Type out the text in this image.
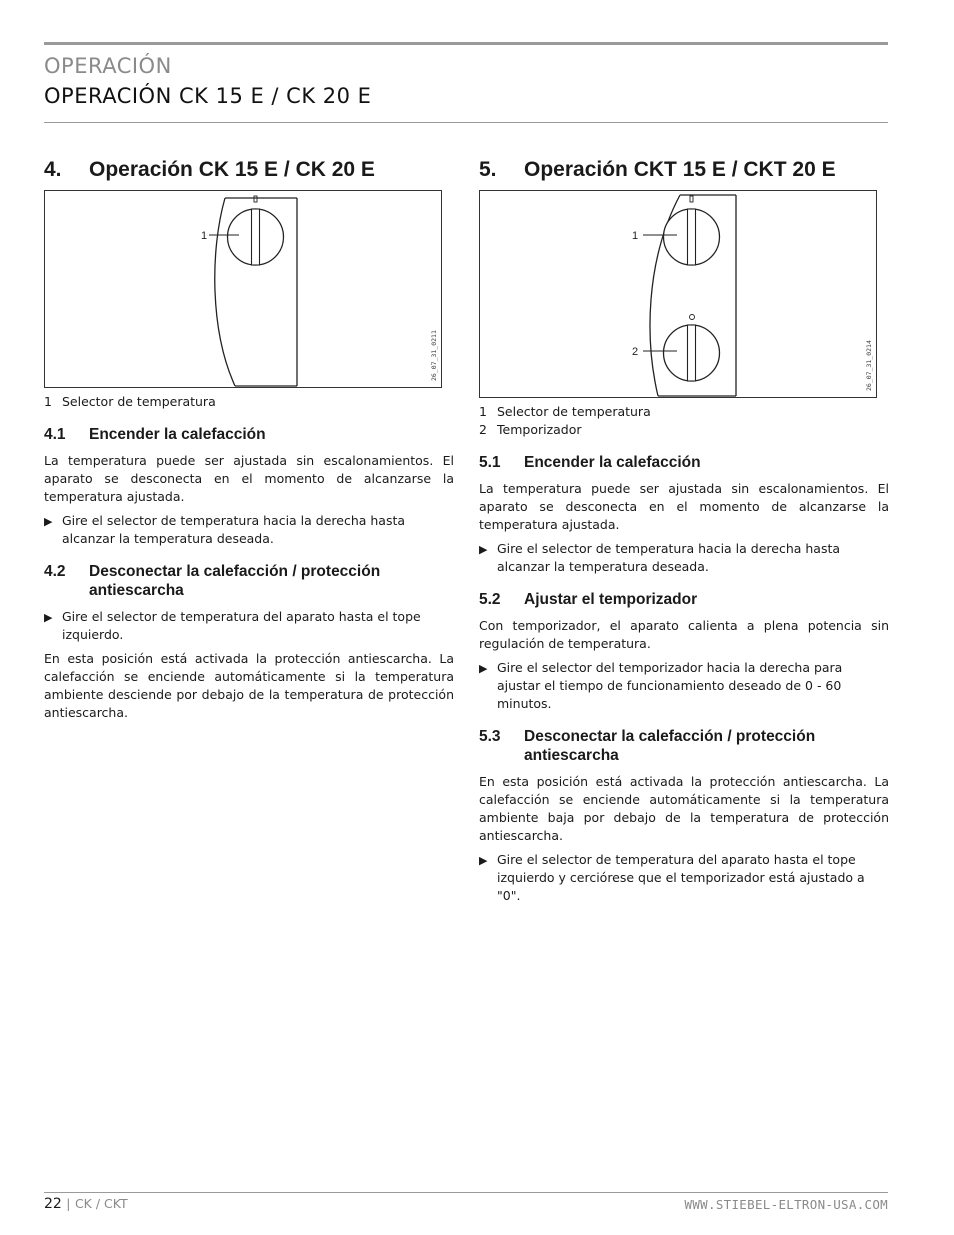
OPERACIÓN
OPERACIÓN CK 15 E / CK 20 E
4.	Operación CK 15 E / CK 20 E
1
26_07_31_0211
1 Selector de temperatura
4.1	Encender la calefacción

La temperatura puede ser ajustada sin escalonamientos. El aparato se desconecta en el momento de alcanzarse la temperatura ajustada.

▶ Gire el selector de temperatura hacia la derecha hasta alcanzar la temperatura deseada.
4.2	Desconectar la calefacción / protección antiescarcha
▶ Gire el selector de temperatura del aparato hasta el tope izquierdo.

En esta posición está activada la protección antiescarcha. La calefacción se enciende automáticamente si la temperatura ambiente desciende por debajo de la temperatura de protección antiescarcha.

5.	Operación CKT 15 E / CKT 20 E
1
2	26_07_31_0214
1 Selector de temperatura
2 Temporizador
5.1	Encender la calefacción

La temperatura puede ser ajustada sin escalonamientos. El aparato se desconecta en el momento de alcanzarse la temperatura ajustada.

▶ Gire el selector de temperatura hacia la derecha hasta alcanzar la temperatura deseada.
5.2	Ajustar el temporizador

Con temporizador, el aparato calienta a plena potencia sin regulación de temperatura.

▶ Gire el selector del temporizador hacia la derecha para ajustar el tiempo de funcionamiento deseado de 0 - 60 minutos.
5.3	Desconectar la calefacción / protección antiescarcha

En esta posición está activada la protección antiescarcha. La calefacción se enciende automáticamente si la temperatura ambiente baja por debajo de la temperatura de protección antiescarcha.

▶ Gire el selector de temperatura del aparato hasta el tope izquierdo y cerciórese que el temporizador está ajustado a "0".
22 | CK / CKT	WWW.STIEBEL-ELTRON-USA.COM
